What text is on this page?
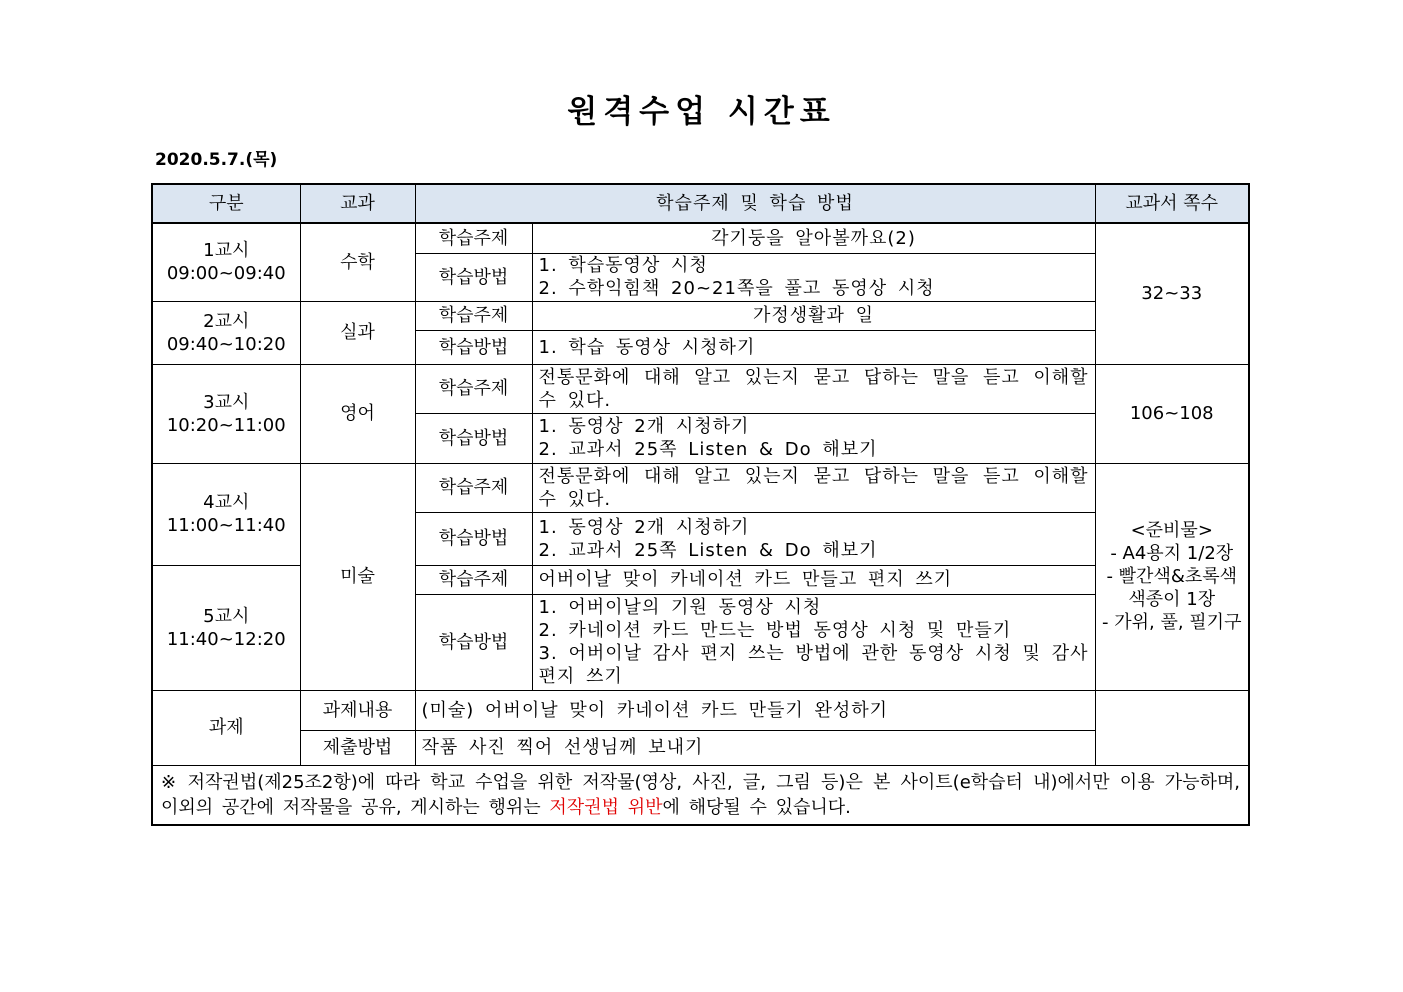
원격수업 시간표
2020.5.7.(목)
구분	교과	학습주제 및 학습 방법		교과서 쪽수

1교시
09:00~09:40	수학	학습주제	각기둥을 알아볼까요(2)	32~33
		학습방법	1. 학습동영상 시청
2. 수학익힘책 20~21쪽을 풀고 동영상 시청	

2교시
09:40~10:20	실과	학습주제	가정생활과 일	
		학습방법	1. 학습 동영상 시청하기	

3교시
10:20~11:00	영어	학습주제	전통문화에 대해 알고 있는지 묻고 답하는 말을 듣고 이해할 수 있다.	106~108
		학습방법	1. 동영상 2개 시청하기
2. 교과서 25쪽 Listen & Do 해보기	

4교시
11:00~11:40	미술	학습주제	전통문화에 대해 알고 있는지 묻고 답하는 말을 듣고 이해할 수 있다.	<준비물>
- A4용지 1/2장
- 빨간색&초록색 색종이 1장
- 가위, 풀, 필기구

		학습방법	1. 동영상 2개 시청하기
2. 교과서 25쪽 Listen & Do 해보기	

5교시
11:40~12:20		학습주제	어버이날 맞이 카네이션 카드 만들고 편지 쓰기	
		학습방법	1. 어버이날의 기원 동영상 시청
2. 카네이션 카드 만드는 방법 동영상 시청 및 만들기
3. 어버이날 감사 편지 쓰는 방법에 관한 동영상 시청 및 감사 편지 쓰기	

과제	과제내용	(미술) 어버이날 맞이 카네이션 카드 만들기 완성하기		
	제출방법	작품 사진 찍어 선생님께 보내기		
※ 저작권법(제25조2항)에 따라 학교 수업을 위한 저작물(영상, 사진, 글, 그림 등)은 본 사이트(e학습터 내)에서만 이용 가능하며, 이외의 공간에 저작물을 공유, 게시하는 행위는 저작권법 위반에 해당될 수 있습니다.				
